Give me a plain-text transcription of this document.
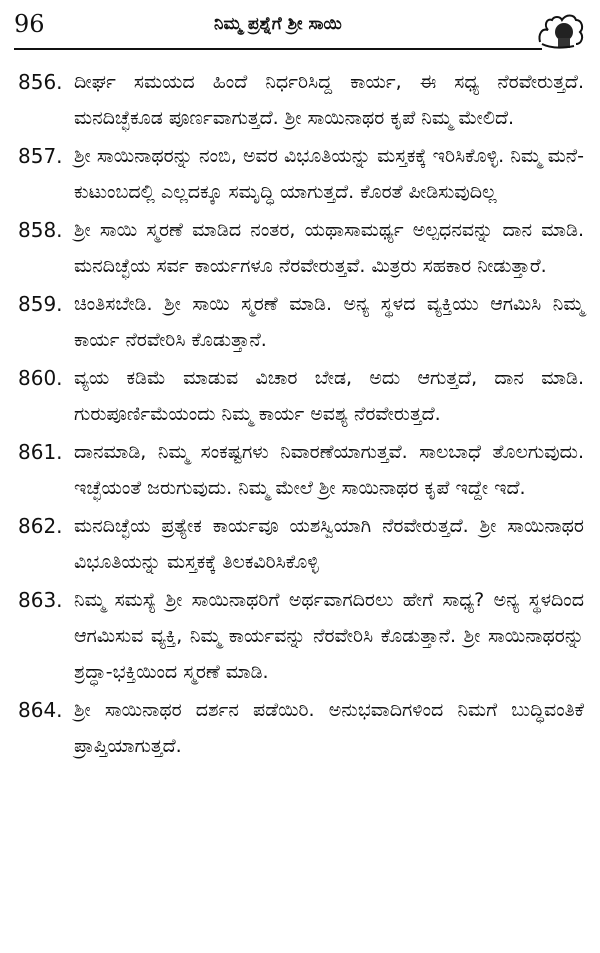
96	ನಿಮ್ಮ ಪ್ರಶ್ನೆಗೆ ಶ್ರೀ ಸಾಯಿ
856. ದೀರ್ಘ ಸಮಯದ ಹಿಂದೆ ನಿರ್ಧರಿಸಿದ್ದ ಕಾರ್ಯ, ಈ ಸಧ್ಯ ನೆರವೇರುತ್ತದೆ. ಮನದಿಚ್ಛೆಕೂಡ ಪೂರ್ಣವಾಗುತ್ತದೆ. ಶ್ರೀ ಸಾಯಿನಾಥರ ಕೃಪೆ ನಿಮ್ಮ ಮೇಲಿದೆ.
857. ಶ್ರೀ ಸಾಯಿನಾಥರನ್ನು ನಂಬಿ, ಅವರ ವಿಭೂತಿಯನ್ನು ಮಸ್ತಕಕ್ಕೆ ಇರಿಸಿಕೊಳ್ಳಿ. ನಿಮ್ಮ ಮನೆ-ಕುಟುಂಬದಲ್ಲಿ ಎಲ್ಲದಕ್ಕೂ ಸಮೃದ್ಧಿ ಯಾಗುತ್ತದೆ. ಕೊರತೆ ಪೀಡಿಸುವುದಿಲ್ಲ
858. ಶ್ರೀ ಸಾಯಿ ಸ್ಮರಣೆ ಮಾಡಿದ ನಂತರ, ಯಥಾಸಾಮರ್ಥ್ಯ ಅಲ್ಪಧನವನ್ನು ದಾನ ಮಾಡಿ. ಮನದಿಚ್ಛೆಯ ಸರ್ವ ಕಾರ್ಯಗಳೂ ನೆರವೇರುತ್ತವೆ. ಮಿತ್ರರು ಸಹಕಾರ ನೀಡುತ್ತಾರೆ.
859. ಚಿಂತಿಸಬೇಡಿ. ಶ್ರೀ ಸಾಯಿ ಸ್ಮರಣೆ ಮಾಡಿ. ಅನ್ಯ ಸ್ಥಳದ ವ್ಯಕ್ತಿಯು ಆಗಮಿಸಿ ನಿಮ್ಮ ಕಾರ್ಯ ನೆರವೇರಿಸಿ ಕೊಡುತ್ತಾನೆ.
860. ವ್ಯಯ ಕಡಿಮೆ ಮಾಡುವ ವಿಚಾರ ಬೇಡ, ಅದು ಆಗುತ್ತದೆ, ದಾನ ಮಾಡಿ. ಗುರುಪೂರ್ಣಿಮೆಯಂದು ನಿಮ್ಮ ಕಾರ್ಯ ಅವಶ್ಯ ನೆರವೇರುತ್ತದೆ.
861. ದಾನಮಾಡಿ, ನಿಮ್ಮ ಸಂಕಷ್ಟಗಳು ನಿವಾರಣೆಯಾಗುತ್ತವೆ. ಸಾಲಬಾಧೆ ತೊಲಗುವುದು. ಇಚ್ಛೆಯಂತೆ ಜರುಗುವುದು. ನಿಮ್ಮ ಮೇಲೆ ಶ್ರೀ ಸಾಯಿನಾಥರ ಕೃಪೆ ಇದ್ದೇ ಇದೆ.
862. ಮನದಿಚ್ಛೆಯ ಪ್ರತ್ಯೇಕ ಕಾರ್ಯವೂ ಯಶಸ್ವಿಯಾಗಿ ನೆರವೇರುತ್ತದೆ. ಶ್ರೀ ಸಾಯಿನಾಥರ ವಿಭೂತಿಯನ್ನು ಮಸ್ತಕಕ್ಕೆ ತಿಲಕವಿರಿಸಿಕೊಳ್ಳಿ
863. ನಿಮ್ಮ ಸಮಸ್ಯೆ ಶ್ರೀ ಸಾಯಿನಾಥರಿಗೆ ಅರ್ಥವಾಗದಿರಲು ಹೇಗೆ ಸಾಧ್ಯ? ಅನ್ಯ ಸ್ಥಳದಿಂದ ಆಗಮಿಸುವ ವ್ಯಕ್ತಿ, ನಿಮ್ಮ ಕಾರ್ಯವನ್ನು ನೆರವೇರಿಸಿ ಕೊಡುತ್ತಾನೆ. ಶ್ರೀ ಸಾಯಿನಾಥರನ್ನು ಶ್ರದ್ಧಾ-ಭಕ್ತಿಯಿಂದ ಸ್ಮರಣೆ ಮಾಡಿ.
864. ಶ್ರೀ ಸಾಯಿನಾಥರ ದರ್ಶನ ಪಡೆಯಿರಿ. ಅನುಭವಾದಿಗಳಿಂದ ನಿಮಗೆ ಬುದ್ಧಿವಂತಿಕೆ ಪ್ರಾಪ್ತಿಯಾಗುತ್ತದೆ.
